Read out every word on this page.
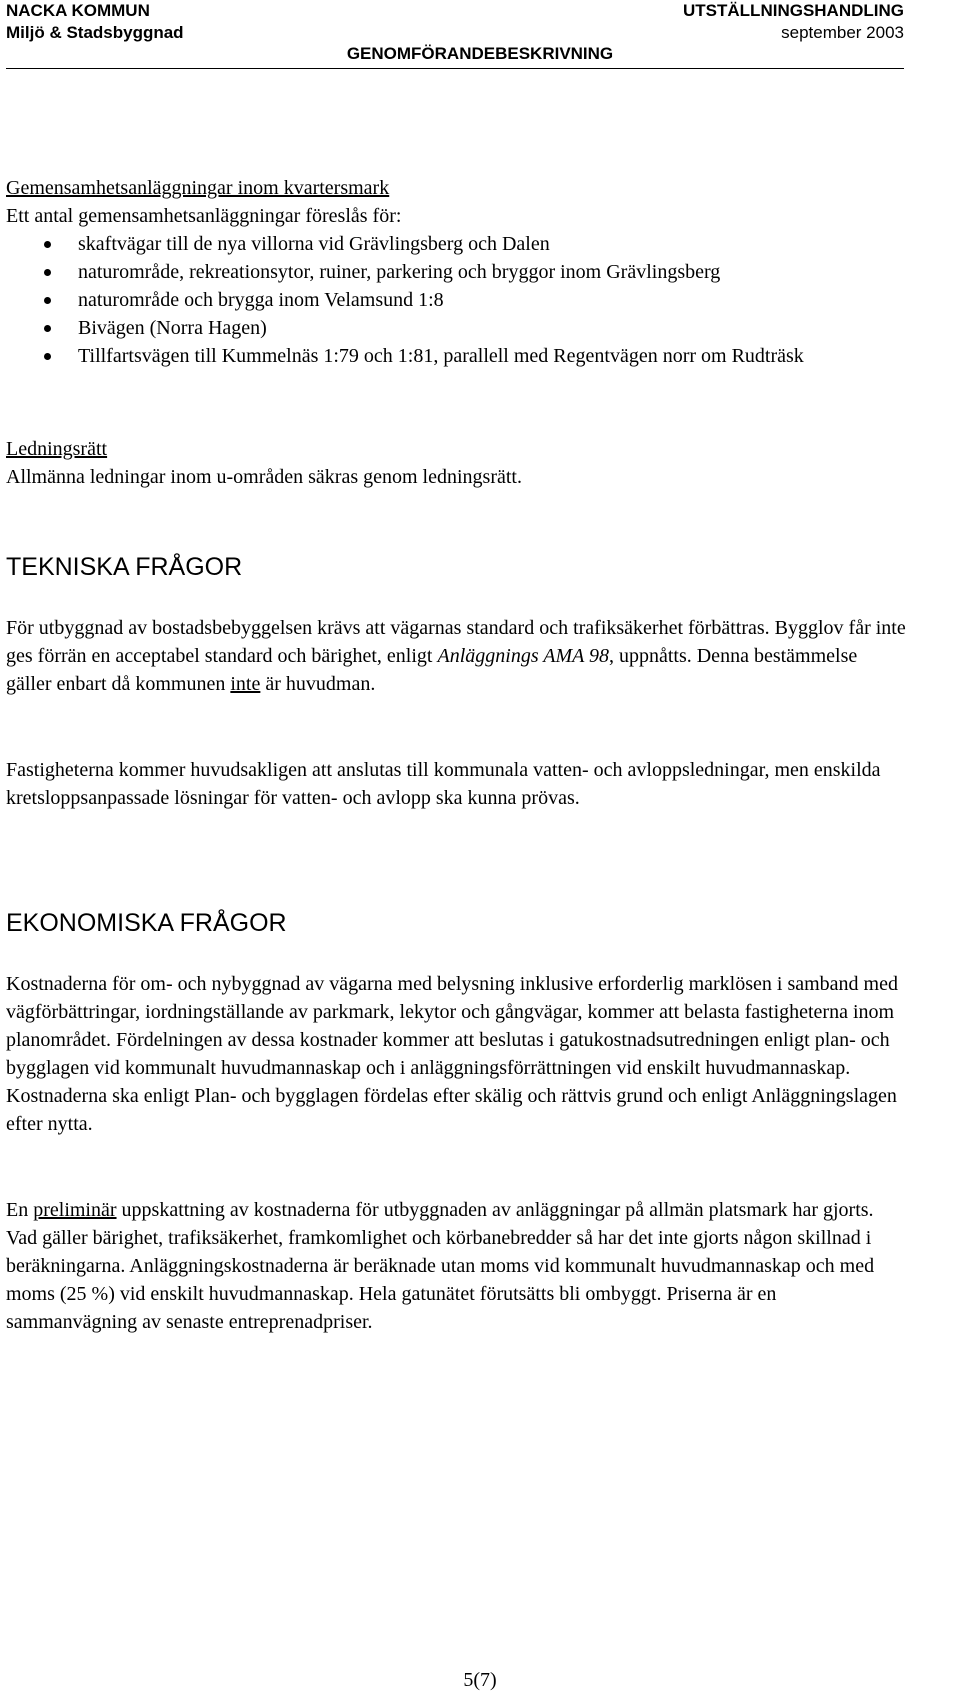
NACKA KOMMUN
Miljö & Stadsbyggnad
UTSTÄLLNINGSHANDLING
september 2003
GENOMFÖRANDEBESKRIVNING

Gemensamhetsanläggningar inom kvartersmark

Ett antal gemensamhetsanläggningar föreslås för:

skaftvägar till de nya villorna vid Grävlingsberg och Dalen
naturområde, rekreationsytor, ruiner, parkering och bryggor inom Grävlingsberg
naturområde och brygga inom Velamsund 1:8
Bivägen (Norra Hagen)
Tillfartsvägen till Kummelnäs 1:79 och 1:81, parallell med Regentvägen norr om Rudträsk

Ledningsrätt

Allmänna ledningar inom u-områden säkras genom ledningsrätt.

TEKNISKA FRÅGOR

För utbyggnad av bostadsbebyggelsen krävs att vägarnas standard och trafiksäkerhet förbättras. Bygglov får inte ges förrän en acceptabel standard och bärighet, enligt Anläggnings AMA 98, uppnåtts. Denna bestämmelse gäller enbart då kommunen inte är huvudman.

Fastigheterna kommer huvudsakligen att anslutas till kommunala vatten- och avloppsledningar, men enskilda kretsloppsanpassade lösningar för vatten- och avlopp ska kunna prövas.

EKONOMISKA FRÅGOR

Kostnaderna för om- och nybyggnad av vägarna med belysning inklusive erforderlig marklösen i samband med vägförbättringar, iordningställande av parkmark, lekytor och gångvägar, kommer att belasta fastigheterna inom planområdet. Fördelningen av dessa kostnader kommer att beslutas i gatukostnadsutredningen enligt plan- och bygglagen vid kommunalt huvudmannaskap och i anläggningsförrättningen vid enskilt huvudmannaskap. Kostnaderna ska enligt Plan- och bygglagen fördelas efter skälig och rättvis grund och enligt Anläggningslagen efter nytta.

En preliminär uppskattning av kostnaderna för utbyggnaden av anläggningar på allmän platsmark har gjorts. Vad gäller bärighet, trafiksäkerhet, framkomlighet och körbanebredder så har det inte gjorts någon skillnad i beräkningarna. Anläggningskostnaderna är beräknade utan moms vid kommunalt huvudmannaskap och med moms (25 %) vid enskilt huvudmannaskap. Hela gatunätet förutsätts bli ombyggt. Priserna är en sammanvägning av senaste entreprenadpriser.

5(7)
